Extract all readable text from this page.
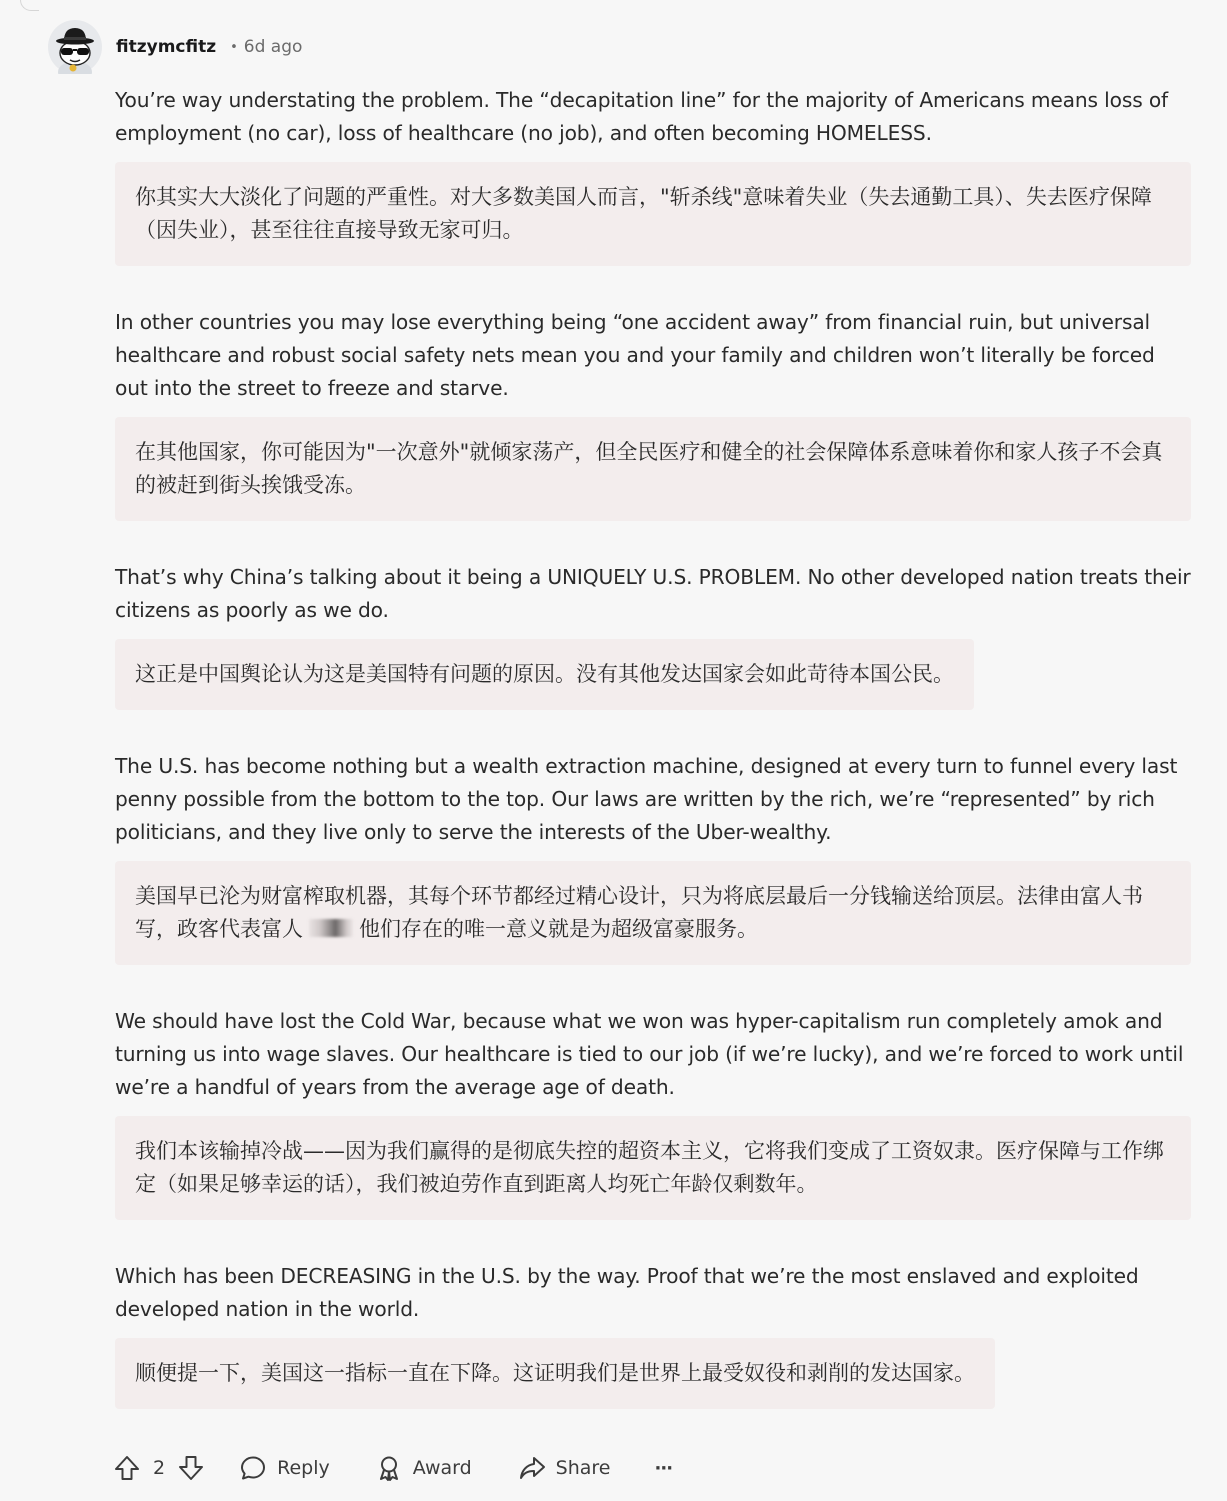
fitzymcfitz • 6d ago

You’re way understating the problem. The “decapitation line” for the majority of Americans means loss of employment (no car), loss of healthcare (no job), and often becoming HOMELESS.

你其实大大淡化了问题的严重性。对大多数美国人而言，"斩杀线"意味着失业（失去通勤工具）、失去医疗保障（因失业），甚至往往直接导致无家可归。

In other countries you may lose everything being “one accident away” from financial ruin, but universal healthcare and robust social safety nets mean you and your family and children won’t literally be forced out into the street to freeze and starve.

在其他国家，你可能因为"一次意外"就倾家荡产，但全民医疗和健全的社会保障体系意味着你和家人孩子不会真的被赶到街头挨饿受冻。

That’s why China’s talking about it being a UNIQUELY U.S. PROBLEM. No other developed nation treats their citizens as poorly as we do.

这正是中国舆论认为这是美国特有问题的原因。没有其他发达国家会如此苛待本国公民。

The U.S. has become nothing but a wealth extraction machine, designed at every turn to funnel every last penny possible from the bottom to the top. Our laws are written by the rich, we’re “represented” by rich politicians, and they live only to serve the interests of the Uber-wealthy.

美国早已沦为财富榨取机器，其每个环节都经过精心设计，只为将底层最后一分钱输送给顶层。法律由富人书写，政客代表富人	他们存在的唯一意义就是为超级富豪服务。

We should have lost the Cold War, because what we won was hyper-capitalism run completely amok and turning us into wage slaves. Our healthcare is tied to our job (if we’re lucky), and we’re forced to work until we’re a handful of years from the average age of death.

我们本该输掉冷战——因为我们赢得的是彻底失控的超资本主义，它将我们变成了工资奴隶。医疗保障与工作绑定（如果足够幸运的话），我们被迫劳作直到距离人均死亡年龄仅剩数年。

Which has been DECREASING in the U.S. by the way. Proof that we’re the most enslaved and exploited developed nation in the world.

顺便提一下，美国这一指标一直在下降。这证明我们是世界上最受奴役和剥削的发达国家。
2	Reply	Award	Share ···
